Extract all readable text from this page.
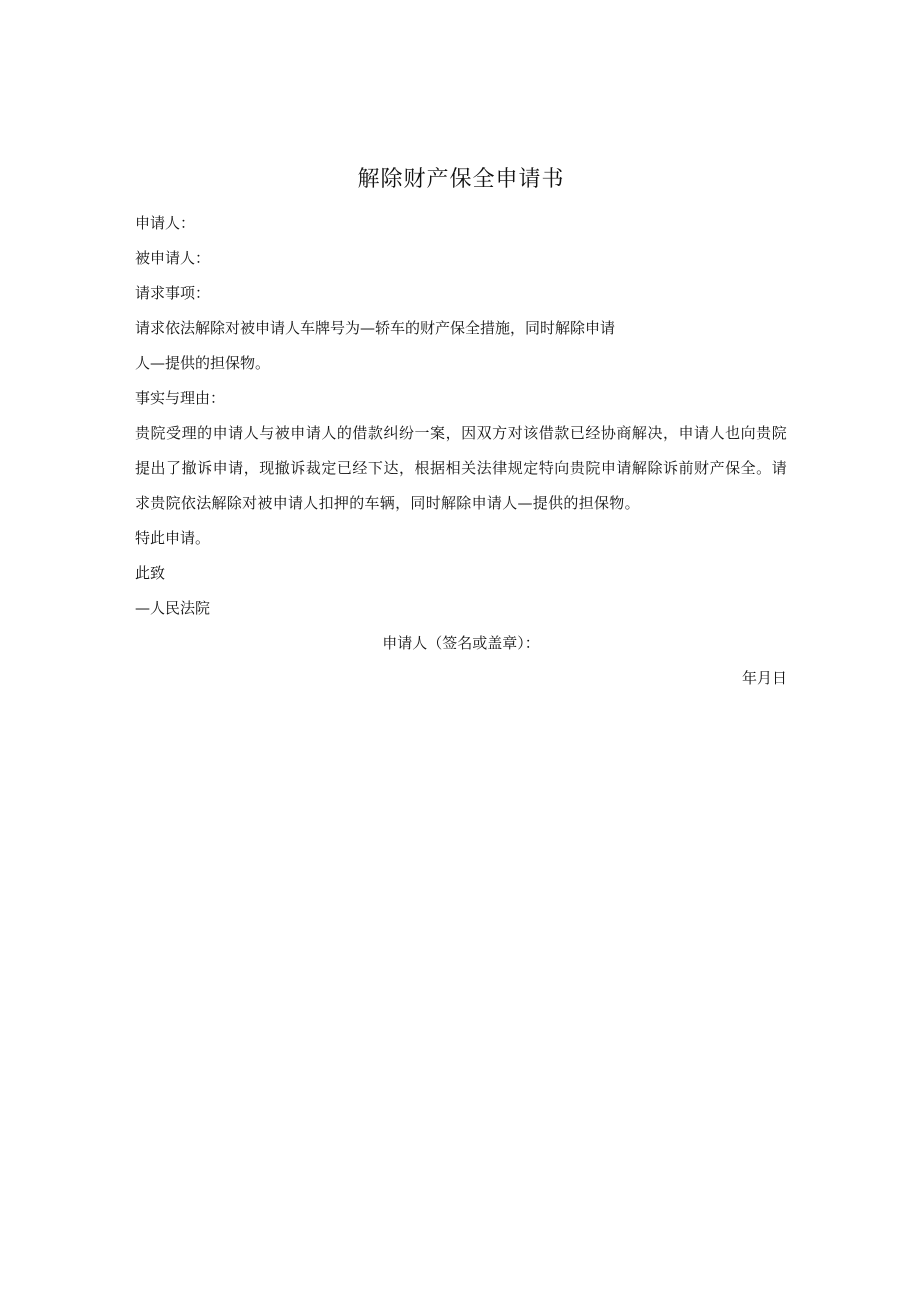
解除财产保全申请书

申请人：

被申请人：

请求事项：

请求依法解除对被申请人车牌号为—轿车的财产保全措施，同时解除申请

人—提供的担保物。

事实与理由：

贵院受理的申请人与被申请人的借款纠纷一案，因双方对该借款已经协商解决，申请人也向贵院提出了撤诉申请，现撤诉裁定已经下达，根据相关法律规定特向贵院申请解除诉前财产保全。请求贵院依法解除对被申请人扣押的车辆，同时解除申请人—提供的担保物。

特此申请。

此致

—人民法院

申请人（签名或盖章）：

年月日
